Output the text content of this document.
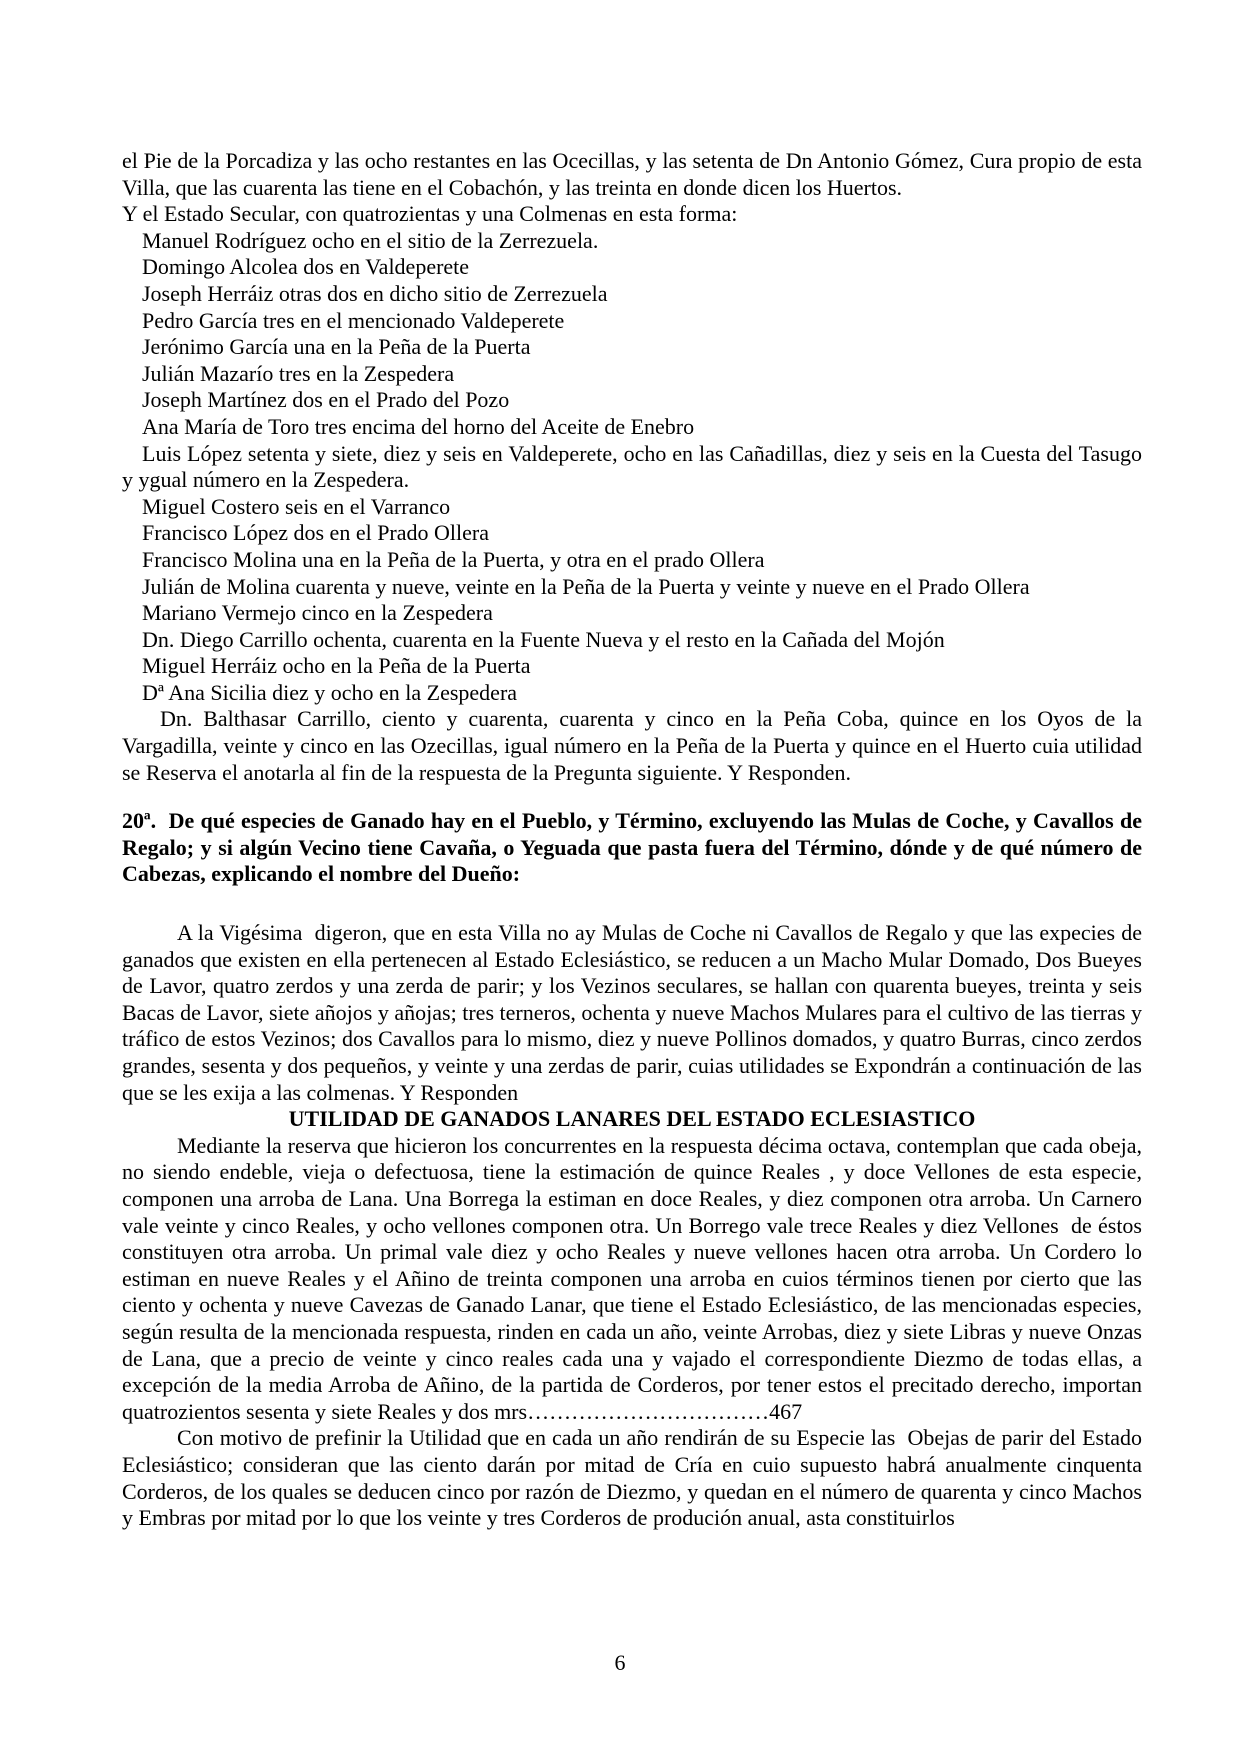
el Pie de la Porcadiza y las ocho restantes en las Ocecillas, y las setenta de Dn Antonio Gómez, Cura propio de esta Villa, que las cuarenta las tiene en el Cobachón, y las treinta en donde dicen los Huertos.

Y el Estado Secular, con quatrozientas y una Colmenas en esta forma:

Manuel Rodríguez ocho en el sitio de la Zerrezuela.

Domingo Alcolea dos en Valdeperete

Joseph Herráiz otras dos en dicho sitio de Zerrezuela

Pedro García tres en el mencionado Valdeperete

Jerónimo García una en la Peña de la Puerta

Julián Mazarío tres en la Zespedera

Joseph Martínez dos en el Prado del Pozo

Ana María de Toro tres encima del horno del Aceite de Enebro

Luis López setenta y siete, diez y seis en Valdeperete, ocho en las Cañadillas, diez y seis en la Cuesta del Tasugo y ygual número en la Zespedera.

Miguel Costero seis en el Varranco

Francisco López dos en el Prado Ollera

Francisco Molina una en la Peña de la Puerta, y otra en el prado Ollera

Julián de Molina cuarenta y nueve, veinte en la Peña de la Puerta y veinte y nueve en el Prado Ollera

Mariano Vermejo cinco en la Zespedera

Dn. Diego Carrillo ochenta, cuarenta en la Fuente Nueva y el resto en la Cañada del Mojón

Miguel Herráiz ocho en la Peña de la Puerta

Dª Ana Sicilia diez y ocho en la Zespedera

Dn. Balthasar Carrillo, ciento y cuarenta, cuarenta y cinco en la Peña Coba, quince en los Oyos de la Vargadilla, veinte y cinco en las Ozecillas, igual número en la Peña de la Puerta y quince en el Huerto cuia utilidad se Reserva el anotarla al fin de la respuesta de la Pregunta siguiente. Y Responden.

20ª.  De qué especies de Ganado hay en el Pueblo, y Término, excluyendo las Mulas de Coche, y Cavallos de Regalo; y si algún Vecino tiene Cavaña, o Yeguada que pasta fuera del Término, dónde y de qué número de Cabezas, explicando el nombre del Dueño:

A la Vigésima  digeron, que en esta Villa no ay Mulas de Coche ni Cavallos de Regalo y que las expecies de ganados que existen en ella pertenecen al Estado Eclesiástico, se reducen a un Macho Mular Domado, Dos Bueyes de Lavor, quatro zerdos y una zerda de parir; y los Vezinos seculares, se hallan con quarenta bueyes, treinta y seis Bacas de Lavor, siete añojos y añojas; tres terneros, ochenta y nueve Machos Mulares para el cultivo de las tierras y tráfico de estos Vezinos; dos Cavallos para lo mismo, diez y nueve Pollinos domados, y quatro Burras, cinco zerdos grandes, sesenta y dos pequeños, y veinte y una zerdas de parir, cuias utilidades se Expondrán a continuación de las que se les exija a las colmenas. Y Responden

UTILIDAD DE GANADOS LANARES DEL ESTADO ECLESIASTICO

Mediante la reserva que hicieron los concurrentes en la respuesta décima octava, contemplan que cada obeja, no siendo endeble, vieja o defectuosa, tiene la estimación de quince Reales , y doce Vellones de esta especie, componen una arroba de Lana. Una Borrega la estiman en doce Reales, y diez componen otra arroba. Un Carnero vale veinte y cinco Reales, y ocho vellones componen otra. Un Borrego vale trece Reales y diez Vellones  de éstos constituyen otra arroba. Un primal vale diez y ocho Reales y nueve vellones hacen otra arroba. Un Cordero lo estiman en nueve Reales y el Añino de treinta componen una arroba en cuios términos tienen por cierto que las ciento y ochenta y nueve Cavezas de Ganado Lanar, que tiene el Estado Eclesiástico, de las mencionadas especies, según resulta de la mencionada respuesta, rinden en cada un año, veinte Arrobas, diez y siete Libras y nueve Onzas de Lana, que a precio de veinte y cinco reales cada una y vajado el correspondiente Diezmo de todas ellas, a excepción de la media Arroba de Añino, de la partida de Corderos, por tener estos el precitado derecho, importan quatrozientos sesenta y siete Reales y dos mrs……………………………467

Con motivo de prefinir la Utilidad que en cada un año rendirán de su Especie las  Obejas de parir del Estado Eclesiástico; consideran que las ciento darán por mitad de Cría en cuio supuesto habrá anualmente cinquenta Corderos, de los quales se deducen cinco por razón de Diezmo, y quedan en el número de quarenta y cinco Machos y Embras por mitad por lo que los veinte y tres Corderos de produción anual, asta constituirlos

6
